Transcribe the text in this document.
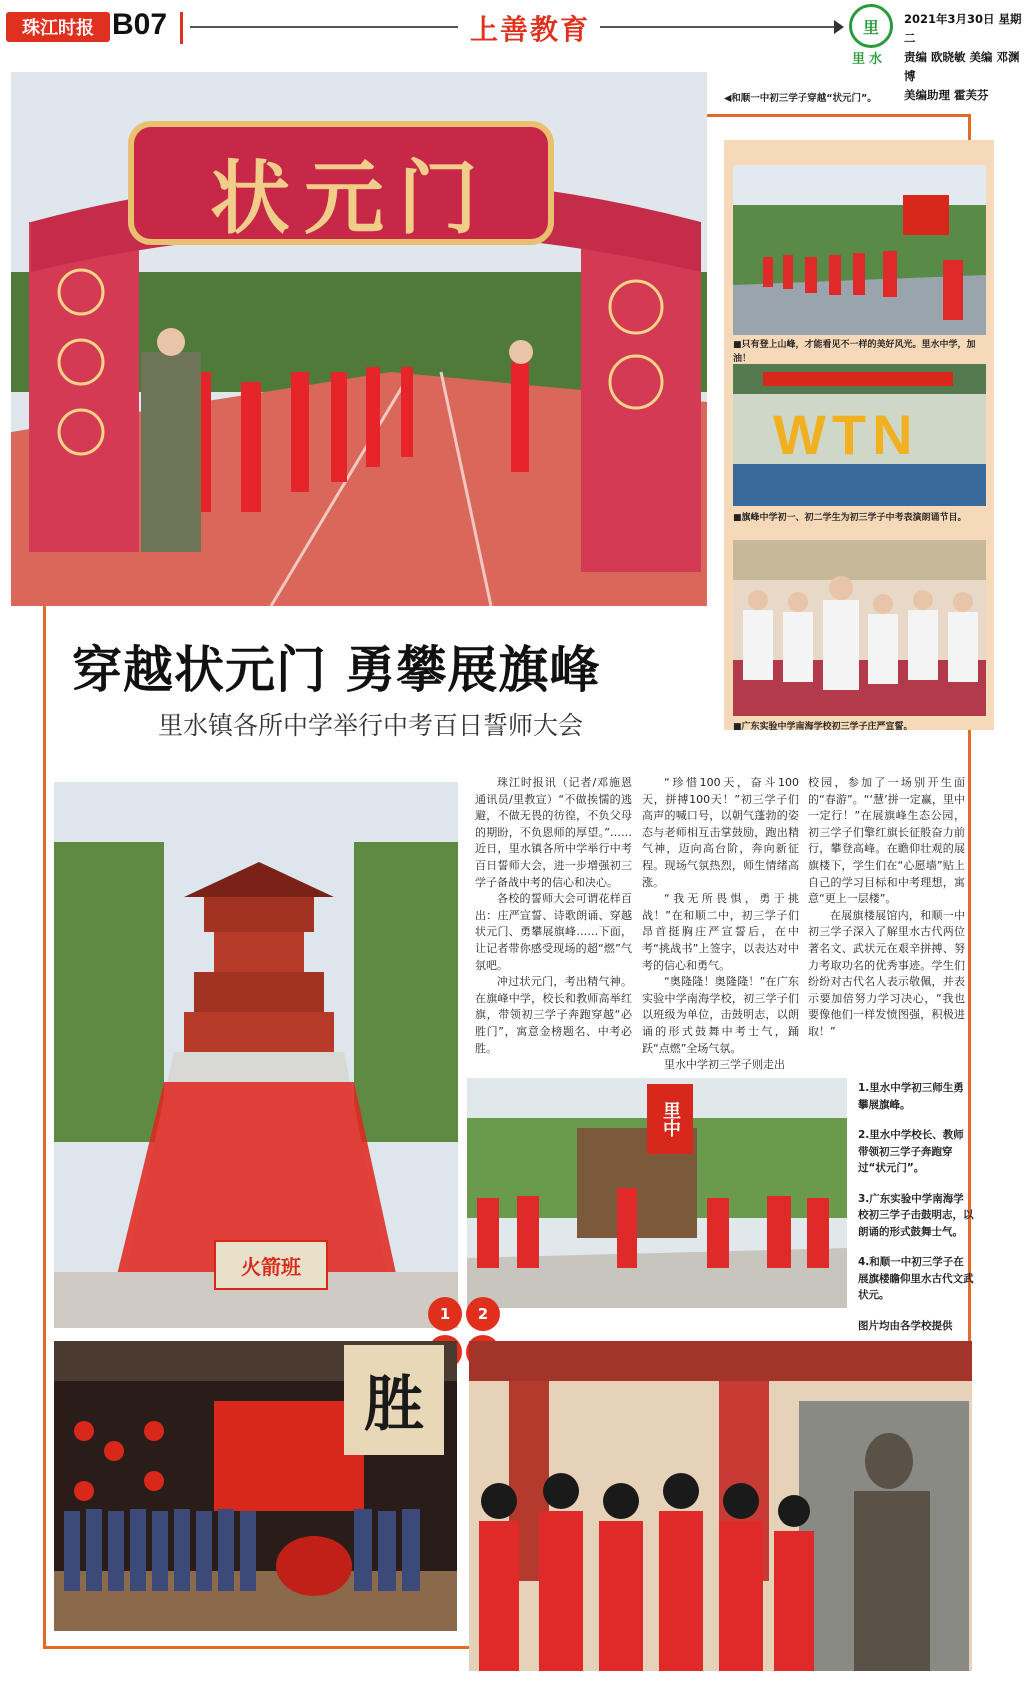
珠江时报 B07	上善教育	里
里水
2021年3月30日 星期二
责编 欧晓敏 美编 邓渊博
美编助理 霍芙芬
状元门
◀和顺一中初三学子穿越“状元门”。
■只有登上山峰，才能看见不一样的美好风光。里水中学，加油！
WTN
■旗峰中学初一、初二学生为初三学子中考表演朗诵节目。
■广东实验中学南海学校初三学子庄严宣誓。
穿越状元门 勇攀展旗峰
里水镇各所中学举行中考百日誓师大会
火箭班

珠江时报讯（记者/邓施恩 通讯员/里教宣）“不做挨懦的逃避，不做无畏的彷徨，不负父母的期盼，不负恩师的厚望。”……近日，里水镇各所中学举行中考百日誓师大会，进一步增强初三学子备战中考的信心和决心。

各校的誓师大会可谓花样百出：庄严宣誓、诗歌朗诵、穿越状元门、勇攀展旗峰……下面，让记者带你感受现场的超“燃”气氛吧。

冲过状元门，考出精气神。在旗峰中学，校长和教师高举红旗，带领初三学子奔跑穿越“必胜门”，寓意金榜题名、中考必胜。

“珍惜100天，奋斗100天，拼搏100天！”初三学子们高声的喊口号，以朝气蓬勃的姿态与老师相互击掌鼓励，跑出精气神，迈向高台阶，奔向新征程。现场气氛热烈，师生情绪高涨。

“我无所畏惧，勇于挑战！”在和顺二中，初三学子们昂首挺胸庄严宣誓后，在中考“挑战书”上签字，以表达对中考的信心和勇气。

“奥隆隆！奥隆隆！”在广东实验中学南海学校，初三学子们以班级为单位，击鼓明志，以朗诵的形式鼓舞中考士气，踊跃“点燃”全场气氛。

里水中学初三学子则走出

校园，参加了一场别开生面的“春游”。“‘慧’拼一定赢，里中一定行！”在展旗峰生态公园，初三学子们擎红旗长征般奋力前行，攀登高峰。在瞻仰壮观的展旗楼下，学生们在“心愿墙”贴上自己的学习目标和中考理想，寓意“更上一层楼”。

在展旗楼展馆内，和顺一中初三学子深入了解里水古代两位著名文、武状元在艰辛拼搏、努力考取功名的优秀事迹。学生们纷纷对古代名人表示敬佩，并表示要加倍努力学习决心，“我也要像他们一样发愤图强，积极进取！”

里中

1.里水中学初三师生勇攀展旗峰。

2.里水中学校长、教师带领初三学子奔跑穿过“状元门”。

3.广东实验中学南海学校初三学子击鼓明志，以朗诵的形式鼓舞士气。

4.和顺一中初三学子在展旗楼瞻仰里水古代文武状元。

图片均由各学校提供

1	2
胜
